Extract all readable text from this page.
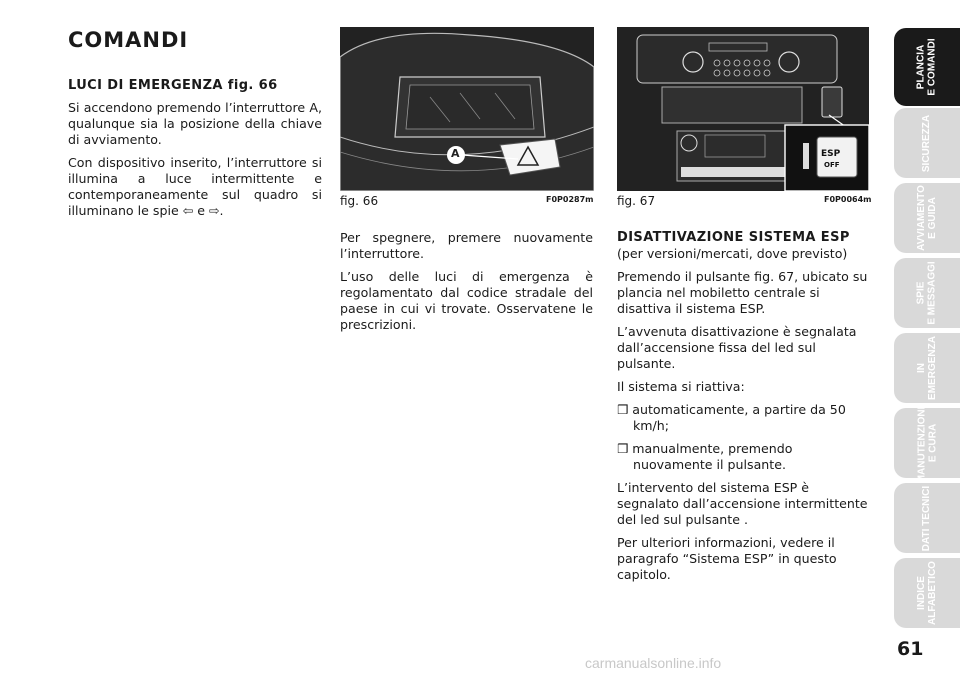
COMANDI

LUCI DI EMERGENZA fig. 66

Si accendono premendo l’interruttore A, qualunque sia la posizione della chiave di avviamento.

Con dispositivo inserito, l’interruttore si illumina a luce intermittente e contemporaneamente sul quadro si illuminano le spie ⇦ e ⇨.

A
fig. 66	F0P0287m
ESP
OFF
fig. 67	F0P0064m

Per spegnere, premere nuovamente l’interruttore.

L’uso delle luci di emergenza è regolamentato dal codice stradale del paese in cui vi trovate. Osservatene le prescrizioni.

DISATTIVAZIONE SISTEMA ESP

(per versioni/mercati, dove previsto)

Premendo il pulsante fig. 67, ubicato su plancia nel mobiletto centrale si disattiva il sistema ESP.

L’avvenuta disattivazione è segnalata dall’accensione fissa del led sul pulsante.

Il sistema si riattiva:

❒ automaticamente, a partire da 50 km/h;

❒ manualmente, premendo nuovamente il pulsante.

L’intervento del sistema ESP è segnalato dall’accensione intermittente del led sul pulsante .

Per ulteriori informazioni, vedere il paragrafo “Sistema ESP” in questo capitolo.

PLANCIA
E COMANDI
SICUREZZA
AVVIAMENTO
E GUIDA
SPIE
E MESSAGGI
IN
EMERGENZA
MANUTENZIONE
E CURA
DATI TECNICI
INDICE
ALFABETICO
61
carmanualsonline.info
